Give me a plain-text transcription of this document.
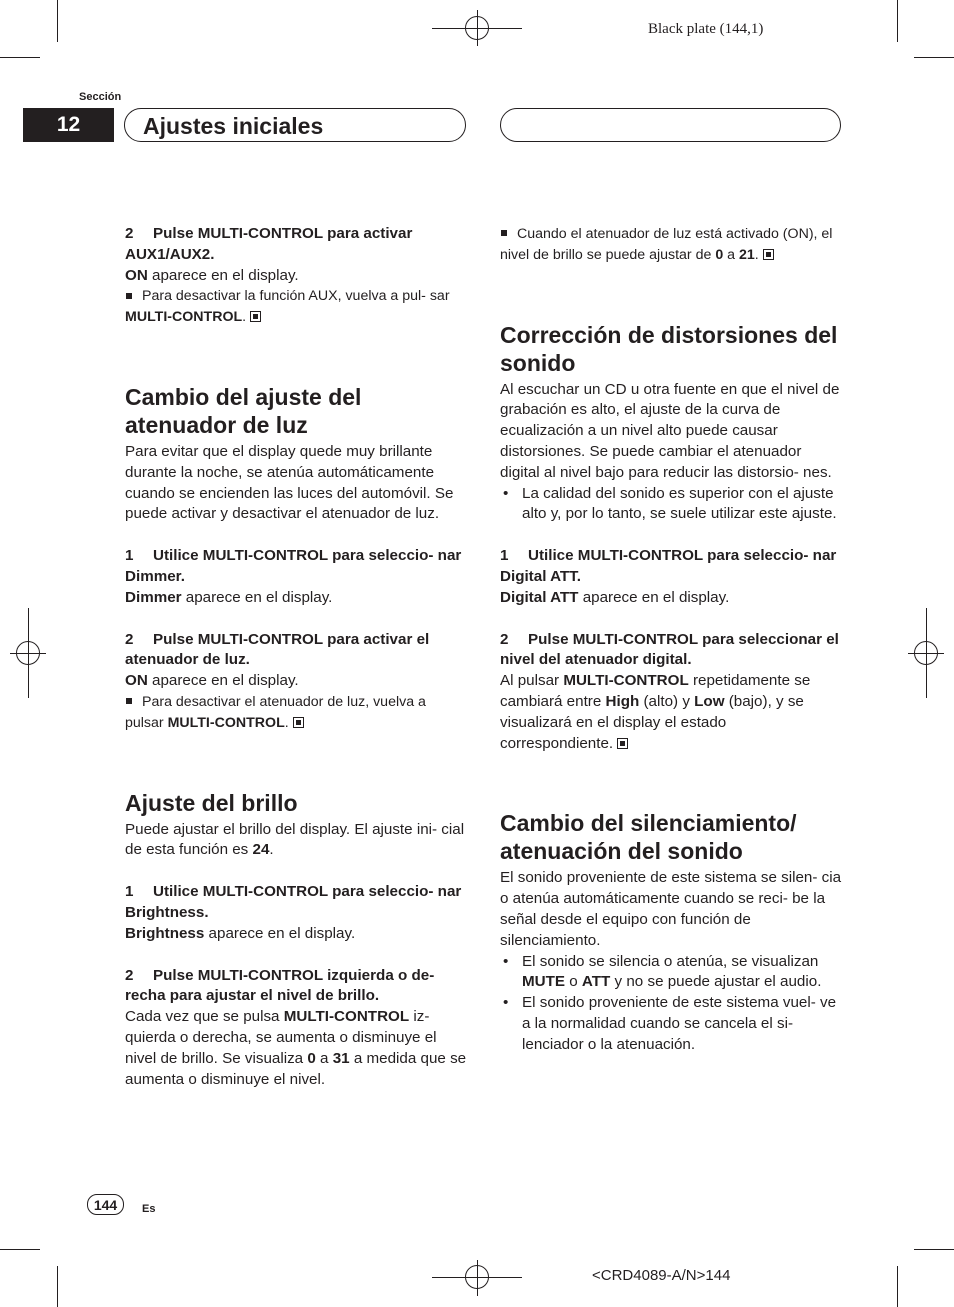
Black plate (144,1)
Sección
12	Ajustes iniciales

2 Pulse MULTI-CONTROL para activar AUX1/AUX2.

ON aparece en el display.

Para desactivar la función AUX, vuelva a pul- sar MULTI-CONTROL.

Cambio del ajuste del atenuador de luz

Para evitar que el display quede muy brillante durante la noche, se atenúa automáticamente cuando se encienden las luces del automóvil. Se puede activar y desactivar el atenuador de luz.

1 Utilice MULTI-CONTROL para seleccio- nar Dimmer.

Dimmer aparece en el display.

2 Pulse MULTI-CONTROL para activar el atenuador de luz.

ON aparece en el display.

Para desactivar el atenuador de luz, vuelva a pulsar MULTI-CONTROL.

Ajuste del brillo

Puede ajustar el brillo del display. El ajuste ini- cial de esta función es 24.

1 Utilice MULTI-CONTROL para seleccio- nar Brightness.

Brightness aparece en el display.

2 Pulse MULTI-CONTROL izquierda o de- recha para ajustar el nivel de brillo.

Cada vez que se pulsa MULTI-CONTROL iz- quierda o derecha, se aumenta o disminuye el nivel de brillo. Se visualiza 0 a 31 a medida que se aumenta o disminuye el nivel.

Cuando el atenuador de luz está activado (ON), el nivel de brillo se puede ajustar de 0 a 21.

Corrección de distorsiones del sonido

Al escuchar un CD u otra fuente en que el nivel de grabación es alto, el ajuste de la curva de ecualización a un nivel alto puede causar distorsiones. Se puede cambiar el atenuador digital al nivel bajo para reducir las distorsio- nes.

• La calidad del sonido es superior con el ajuste alto y, por lo tanto, se suele utilizar este ajuste.

1 Utilice MULTI-CONTROL para seleccio- nar Digital ATT.

Digital ATT aparece en el display.

2 Pulse MULTI-CONTROL para seleccionar el nivel del atenuador digital.

Al pulsar MULTI-CONTROL repetidamente se cambiará entre High (alto) y Low (bajo), y se visualizará en el display el estado correspondiente.

Cambio del silenciamiento/ atenuación del sonido

El sonido proveniente de este sistema se silen- cia o atenúa automáticamente cuando se reci- be la señal desde el equipo con función de silenciamiento.

• El sonido se silencia o atenúa, se visualizan MUTE o ATT y no se puede ajustar el audio.
• El sonido proveniente de este sistema vuel- ve a la normalidad cuando se cancela el si- lenciador o la atenuación.
144	Es
<CRD4089-A/N>144
